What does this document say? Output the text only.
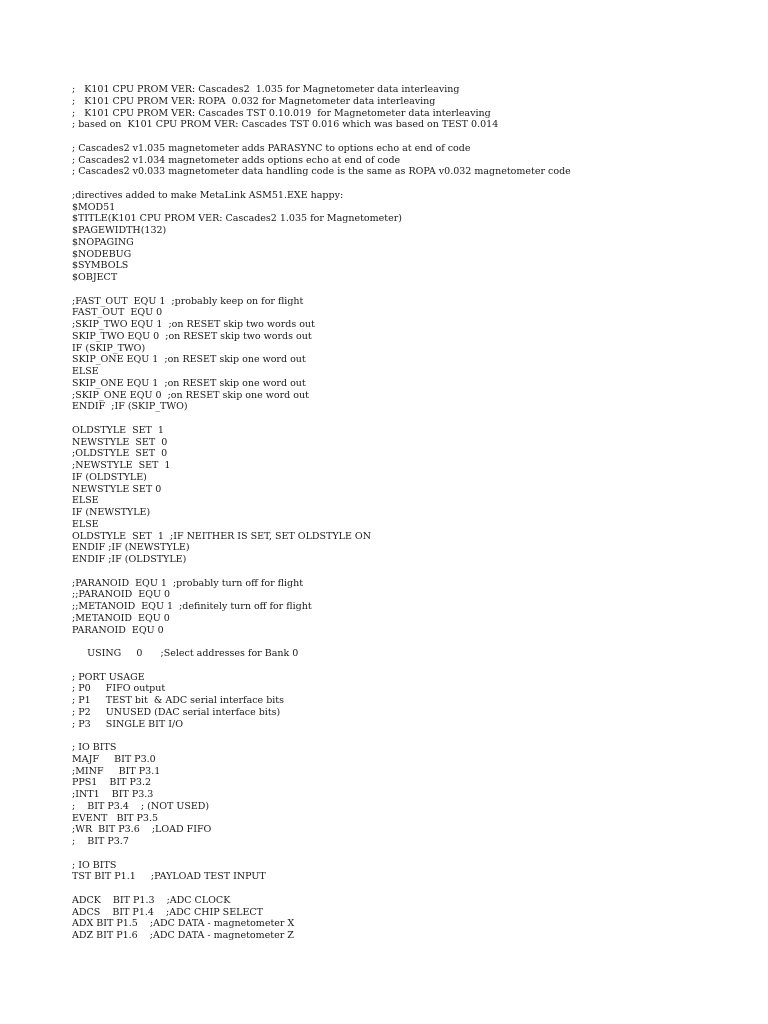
;   K101 CPU PROM VER: Cascades2  1.035 for Magnetometer data interleaving
;   K101 CPU PROM VER: ROPA  0.032 for Magnetometer data interleaving
;   K101 CPU PROM VER: Cascades TST 0.10.019  for Magnetometer data interleaving
; based on  K101 CPU PROM VER: Cascades TST 0.016 which was based on TEST 0.014
; Cascades2 v1.035 magnetometer adds PARASYNC to options echo at end of code
; Cascades2 v1.034 magnetometer adds options echo at end of code
; Cascades2 v0.033 magnetometer data handling code is the same as ROPA v0.032 magnetometer code
;directives added to make MetaLink ASM51.EXE happy:
$MOD51
$TITLE(K101 CPU PROM VER: Cascades2 1.035 for Magnetometer)
$PAGEWIDTH(132)
$NOPAGING
$NODEBUG
$SYMBOLS
$OBJECT
;FAST_OUT  EQU 1  ;probably keep on for flight
FAST_OUT  EQU 0
;SKIP_TWO EQU 1  ;on RESET skip two words out
SKIP_TWO EQU 0  ;on RESET skip two words out
IF (SKIP_TWO)
SKIP_ONE EQU 1  ;on RESET skip one word out
ELSE
SKIP_ONE EQU 1  ;on RESET skip one word out
;SKIP_ONE EQU 0  ;on RESET skip one word out
ENDIF  ;IF (SKIP_TWO)
OLDSTYLE  SET  1
NEWSTYLE  SET  0
;OLDSTYLE  SET  0
;NEWSTYLE  SET  1
IF (OLDSTYLE)
NEWSTYLE SET 0
ELSE
IF (NEWSTYLE)
ELSE
OLDSTYLE  SET  1  ;IF NEITHER IS SET, SET OLDSTYLE ON
ENDIF ;IF (NEWSTYLE)
ENDIF ;IF (OLDSTYLE)
;PARANOID  EQU 1  ;probably turn off for flight
;;PARANOID  EQU 0
;;METANOID  EQU 1  ;definitely turn off for flight
;METANOID  EQU 0
PARANOID  EQU 0
USING     0      ;Select addresses for Bank 0
; PORT USAGE
; P0     FIFO output
; P1     TEST bit  & ADC serial interface bits
; P2     UNUSED (DAC serial interface bits)
; P3     SINGLE BIT I/O
; IO BITS
MAJF     BIT P3.0
;MINF     BIT P3.1
PPS1    BIT P3.2
;INT1    BIT P3.3
;    BIT P3.4    ; (NOT USED)
EVENT   BIT P3.5
;WR  BIT P3.6    ;LOAD FIFO
;    BIT P3.7
; IO BITS
TST BIT P1.1     ;PAYLOAD TEST INPUT
ADCK    BIT P1.3    ;ADC CLOCK
ADCS    BIT P1.4    ;ADC CHIP SELECT
ADX BIT P1.5    ;ADC DATA - magnetometer X
ADZ BIT P1.6    ;ADC DATA - magnetometer Z
